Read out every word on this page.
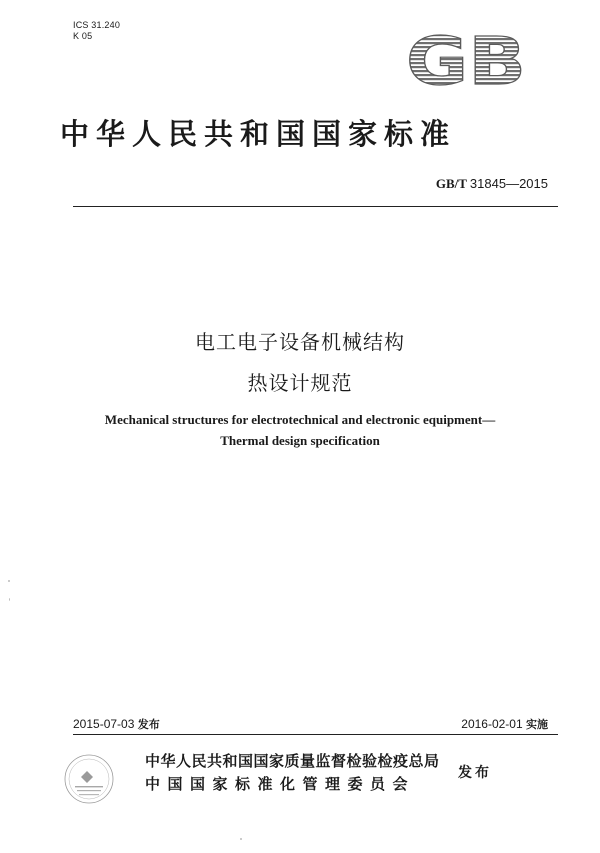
ICS 31.240
K 05	GB
中华人民共和国国家标准
GB/T 31845—2015
电工电子设备机械结构
热设计规范
Mechanical structures for electrotechnical and electronic equipment—
Thermal design specification
2015-07-03 发布	2016-02-01 实施
中华人民共和国国家质量监督检验检疫总局
中国国家标准化管理委员会
发布
